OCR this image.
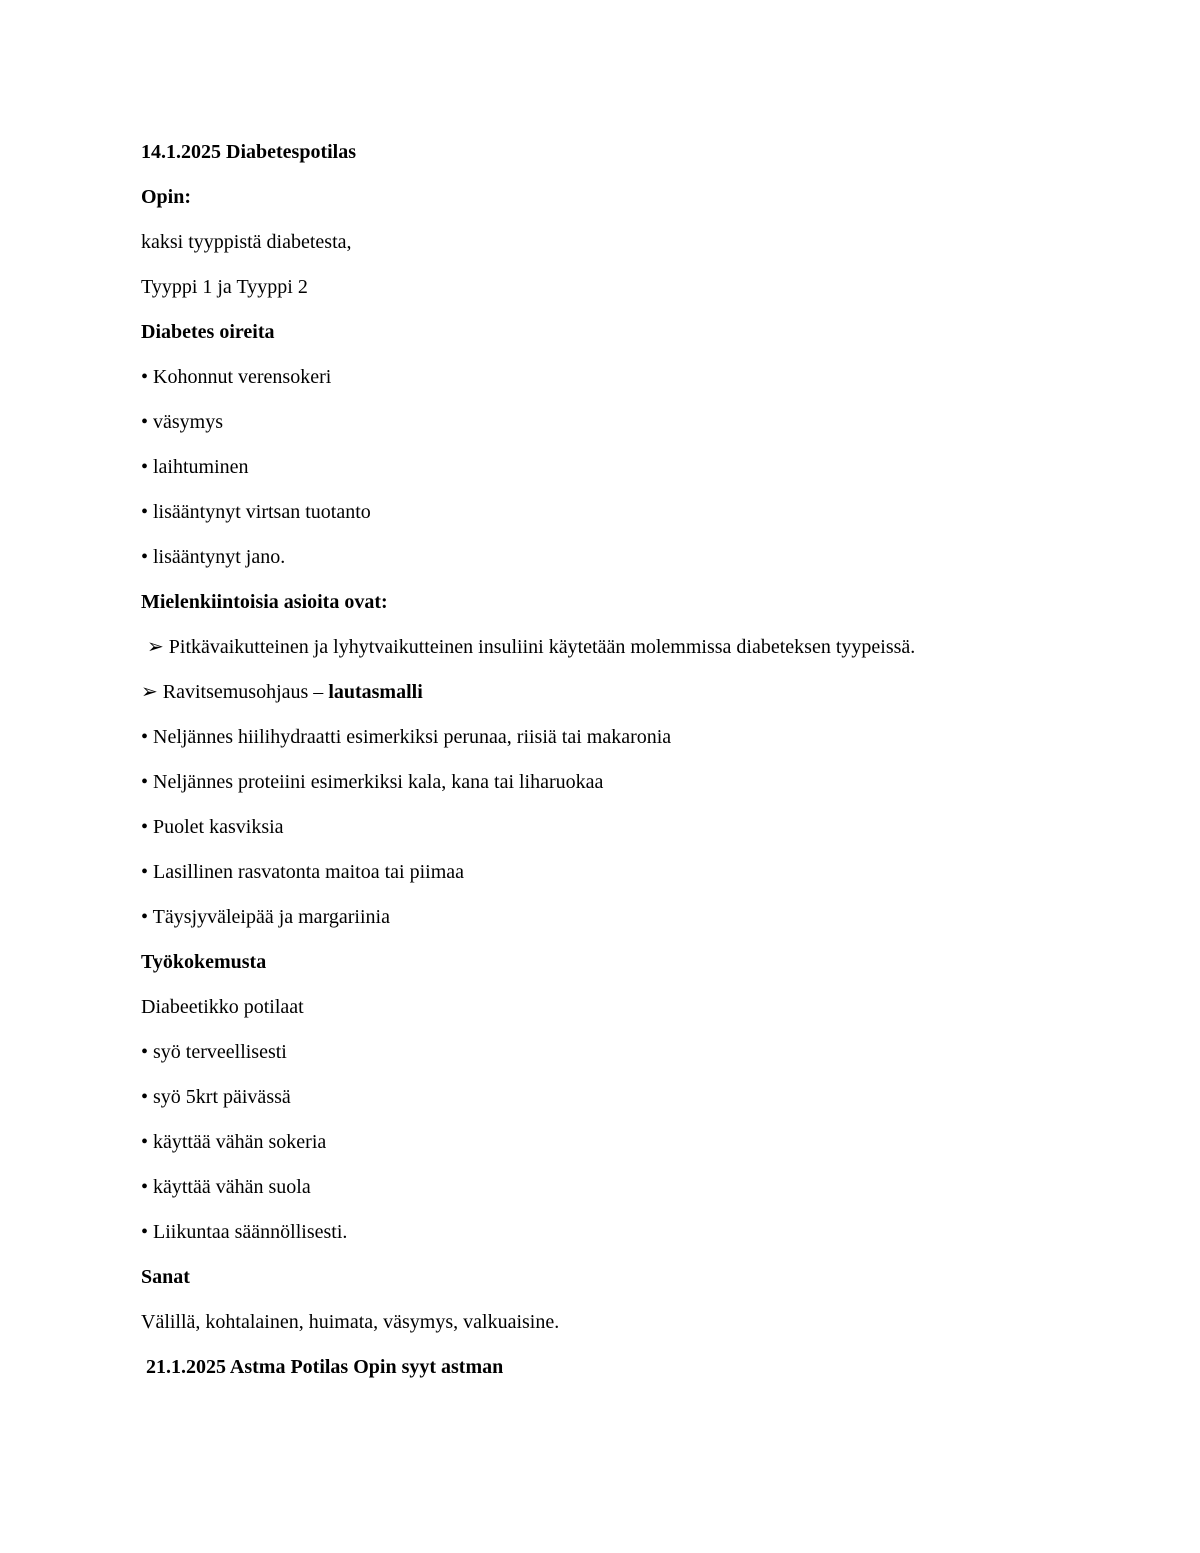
14.1.2025 Diabetespotilas
Opin:
kaksi tyyppistä diabetesta,
Tyyppi 1 ja Tyyppi 2
Diabetes oireita
• Kohonnut verensokeri
• väsymys
• laihtuminen
• lisääntynyt virtsan tuotanto
• lisääntynyt jano.
Mielenkiintoisia asioita ovat:
➢ Pitkävaikutteinen ja lyhytvaikutteinen insuliini käytetään molemmissa diabeteksen tyypeissä.
➢ Ravitsemusohjaus – lautasmalli
• Neljännes hiilihydraatti esimerkiksi perunaa, riisiä tai makaronia
• Neljännes proteiini esimerkiksi kala, kana tai liharuokaa
• Puolet kasviksia
• Lasillinen rasvatonta maitoa tai piimaa
• Täysjyväleipää ja margariinia
Työkokemusta
Diabeetikko potilaat
• syö terveellisesti
• syö 5krt päivässä
• käyttää vähän sokeria
• käyttää vähän suola
• Liikuntaa säännöllisesti.
Sanat
Välillä, kohtalainen, huimata, väsymys, valkuaisine.
21.1.2025 Astma Potilas Opin syyt astman
